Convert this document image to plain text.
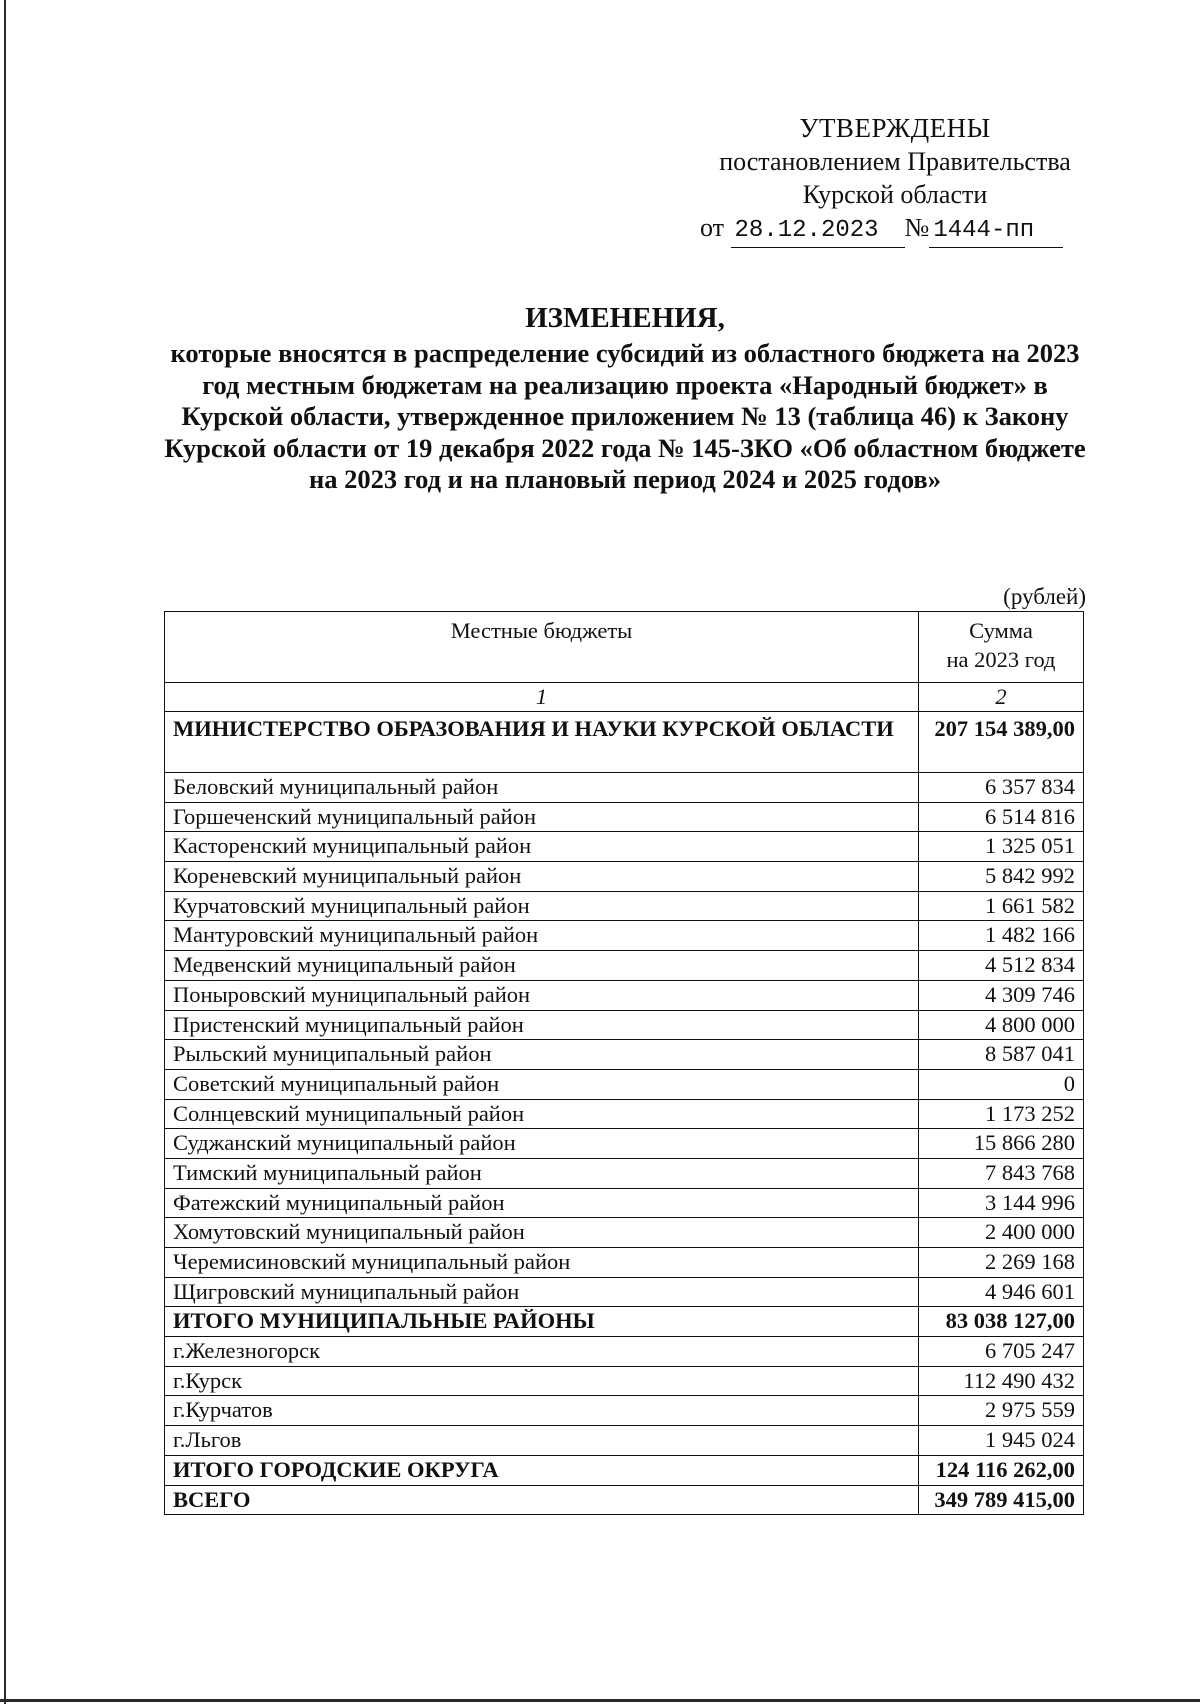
УТВЕРЖДЕНЫ
постановлением Правительства
Курской области
от 28.12.2023 № 1444-пп
ИЗМЕНЕНИЯ,
которые вносятся в распределение субсидий из областного бюджета на 2023 год местным бюджетам на реализацию проекта «Народный бюджет» в Курской области, утвержденное приложением № 13 (таблица 46) к Закону Курской области от 19 декабря 2022 года № 145-ЗКО «Об областном бюджете на 2023 год и на плановый период 2024 и 2025 годов»
(рублей)
Местные бюджеты	Сумма
на 2023 год

1	2
МИНИСТЕРСТВО ОБРАЗОВАНИЯ И НАУКИ КУРСКОЙ ОБЛАСТИ	207 154 389,00
Беловский муниципальный район	6 357 834
Горшеченский муниципальный район	6 514 816
Касторенский муниципальный район	1 325 051
Кореневский муниципальный район	5 842 992
Курчатовский муниципальный район	1 661 582
Мантуровский муниципальный район	1 482 166
Медвенский муниципальный район	4 512 834
Поныровский муниципальный район	4 309 746
Пристенский муниципальный район	4 800 000
Рыльский муниципальный район	8 587 041
Советский муниципальный район	0
Солнцевский муниципальный район	1 173 252
Суджанский муниципальный район	15 866 280
Тимский муниципальный район	7 843 768
Фатежский муниципальный район	3 144 996
Хомутовский муниципальный район	2 400 000
Черемисиновский муниципальный район	2 269 168
Щигровский муниципальный район	4 946 601
ИТОГО МУНИЦИПАЛЬНЫЕ РАЙОНЫ	83 038 127,00
г.Железногорск	6 705 247
г.Курск	112 490 432
г.Курчатов	2 975 559
г.Льгов	1 945 024
ИТОГО ГОРОДСКИЕ ОКРУГА	124 116 262,00
ВСЕГО	349 789 415,00
